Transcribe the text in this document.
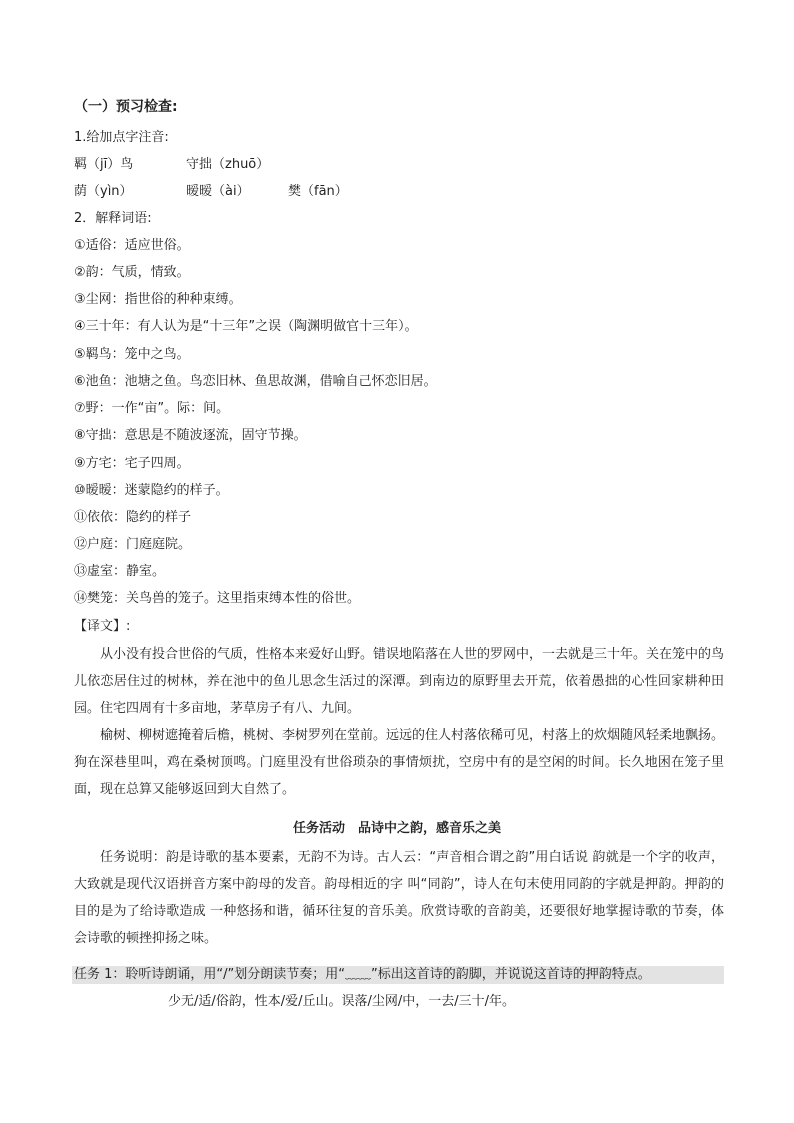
（一）预习检查:
1.给加点字注音:
羁（jī）鸟	守拙（zhuō）
荫（yìn）	暧暧（ài）	樊（fān）
2．解释词语:
①适俗：适应世俗。
②韵：气质，情致。
③尘网：指世俗的种种束缚。
④三十年：有人认为是“十三年”之误（陶渊明做官十三年）。
⑤羁鸟：笼中之鸟。
⑥池鱼：池塘之鱼。鸟恋旧林、鱼思故渊，借喻自己怀恋旧居。
⑦野：一作“亩”。际：间。
⑧守拙：意思是不随波逐流，固守节操。
⑨方宅：宅子四周。
⑩暧暧：迷蒙隐约的样子。
⑪依依：隐约的样子
⑫户庭：门庭庭院。
⑬虚室：静室。
⑭樊笼：关鸟兽的笼子。这里指束缚本性的俗世。
【译文】:
从小没有投合世俗的气质，性格本来爱好山野。错误地陷落在人世的罗网中，一去就是三十年。关在笼中的鸟儿依恋居住过的树林，养在池中的鱼儿思念生活过的深潭。到南边的原野里去开荒，依着愚拙的心性回家耕种田园。住宅四周有十多亩地，茅草房子有八、九间。
榆树、柳树遮掩着后檐，桃树、李树罗列在堂前。远远的住人村落依稀可见，村落上的炊烟随风轻柔地飘扬。狗在深巷里叫，鸡在桑树顶鸣。门庭里没有世俗琐杂的事情烦扰，空房中有的是空闲的时间。长久地困在笼子里面，现在总算又能够返回到大自然了。
任务活动　品诗中之韵，感音乐之美
任务说明：韵是诗歌的基本要素，无韵不为诗。古人云：“声音相合谓之韵”用白话说 韵就是一个字的收声，大致就是现代汉语拼音方案中韵母的发音。韵母相近的字 叫“同韵”，诗人在句末使用同韵的字就是押韵。押韵的目的是为了给诗歌造成 一种悠扬和谐，循环往复的音乐美。欣赏诗歌的音韵美，还要很好地掌握诗歌的节奏，体会诗歌的顿挫抑扬之味。
任务 1：聆听诗朗诵，用“/”划分朗读节奏；用“﹏﹏”标出这首诗的韵脚，并说说这首诗的押韵特点。
少无/适/俗韵，性本/爱/丘山。误落/尘网/中，一去/三十/年。
